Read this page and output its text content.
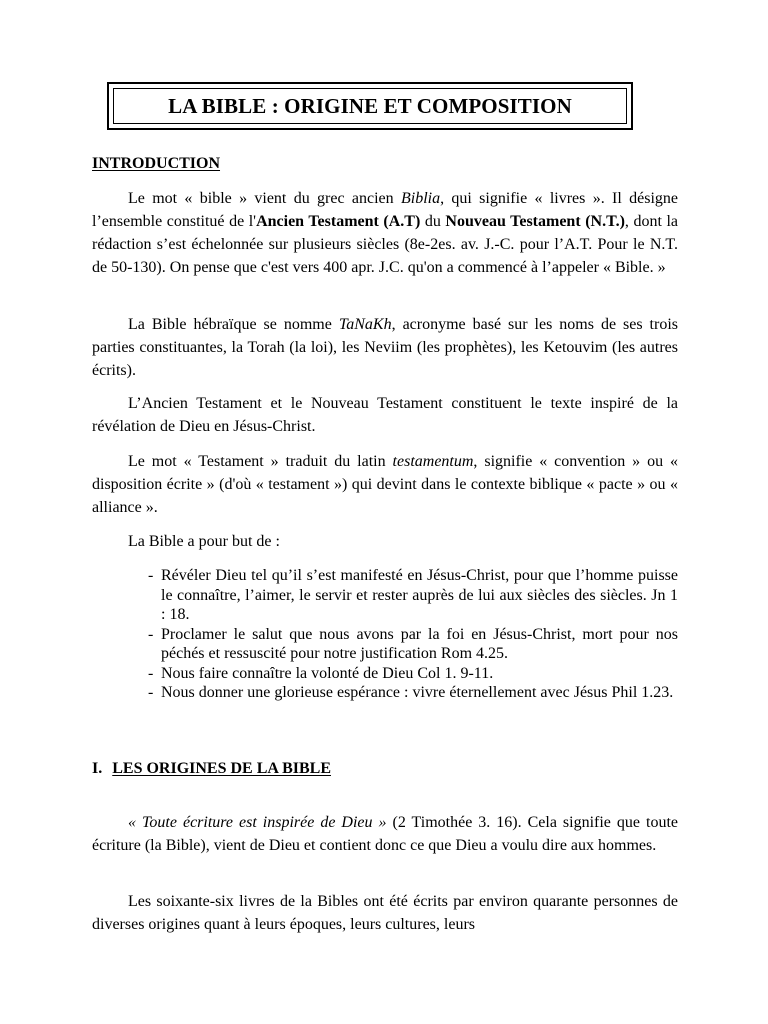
LA BIBLE : ORIGINE ET COMPOSITION
INTRODUCTION

Le mot « bible » vient du grec ancien Biblia, qui signifie « livres ». Il désigne l’ensemble constitué de l'Ancien Testament (A.T) du Nouveau Testament (N.T.), dont la rédaction s’est échelonnée sur plusieurs siècles (8e-2es. av. J.-C. pour l’A.T. Pour le N.T. de 50-130). On pense que c'est vers 400 apr. J.C. qu'on a commencé à l’appeler « Bible. »

La Bible hébraïque se nomme TaNaKh, acronyme basé sur les noms de ses trois parties constituantes, la Torah (la loi), les Neviim (les prophètes), les Ketouvim (les autres écrits).

L’Ancien Testament et le Nouveau Testament constituent le texte inspiré de la révélation de Dieu en Jésus-Christ.

Le mot « Testament » traduit du latin testamentum, signifie « convention » ou « disposition écrite » (d'où « testament ») qui devint dans le contexte biblique « pacte » ou « alliance ».

La Bible a pour but de :

- Révéler Dieu tel qu’il s’est manifesté en Jésus-Christ, pour que l’homme puisse le connaître, l’aimer, le servir et rester auprès de lui aux siècles des siècles. Jn 1 : 18.
- Proclamer le salut que nous avons par la foi en Jésus-Christ, mort pour nos péchés et ressuscité pour notre justification Rom 4.25.
- Nous faire connaître la volonté de Dieu Col 1. 9-11.
- Nous donner une glorieuse espérance : vivre éternellement avec Jésus Phil 1.23.
I. LES ORIGINES DE LA BIBLE

« Toute écriture est inspirée de Dieu » (2 Timothée 3. 16). Cela signifie que toute écriture (la Bible), vient de Dieu et contient donc ce que Dieu a voulu dire aux hommes.

Les soixante-six livres de la Bibles ont été écrits par environ quarante personnes de diverses origines quant à leurs époques, leurs cultures, leurs
